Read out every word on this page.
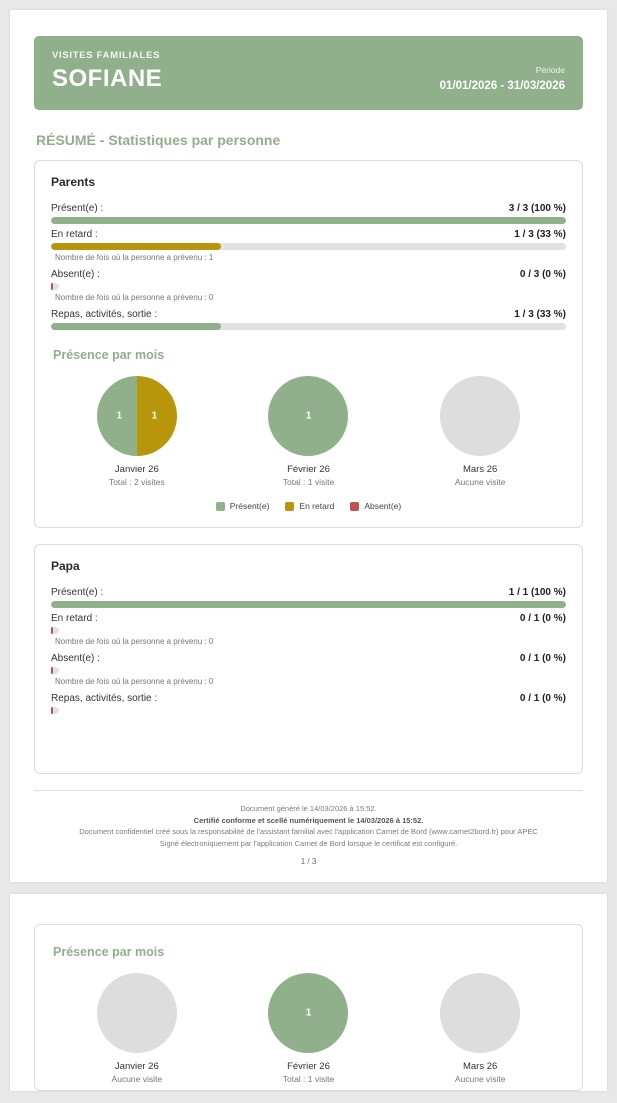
VISITES FAMILIALES
SOFIANE	Période
01/01/2026 - 31/03/2026
RÉSUMÉ - Statistiques par personne
Parents
Présent(e) :	3 / 3 (100 %)
En retard :	1 / 3 (33 %)
Nombre de fois où la personne a prévenu : 1
Absent(e) :	0 / 3 (0 %)
Nombre de fois où la personne a prévenu : 0
Repas, activités, sortie :	1 / 3 (33 %)
Présence par mois
1	1
Janvier 26
Total : 2 visites
1
Février 26
Total : 1 visite
Mars 26
Aucune visite
Présent(e)	En retard	Absent(e)
Papa
Présent(e) :	1 / 1 (100 %)
En retard :	0 / 1 (0 %)
Nombre de fois où la personne a prévenu : 0
Absent(e) :	0 / 1 (0 %)
Nombre de fois où la personne a prévenu : 0
Repas, activités, sortie :	0 / 1 (0 %)
Document généré le 14/03/2026 à 15:52.
Certifié conforme et scellé numériquement le 14/03/2026 à 15:52.
Document confidentiel créé sous la responsabilité de l'assistant familial avec l'application Carnet de Bord (www.carnet2bord.fr) pour APEC
Signé électroniquement par l'application Carnet de Bord lorsque le certificat est configuré.
1 / 3
Présence par mois
Janvier 26
Aucune visite
1
Février 26
Total : 1 visite
Mars 26
Aucune visite
